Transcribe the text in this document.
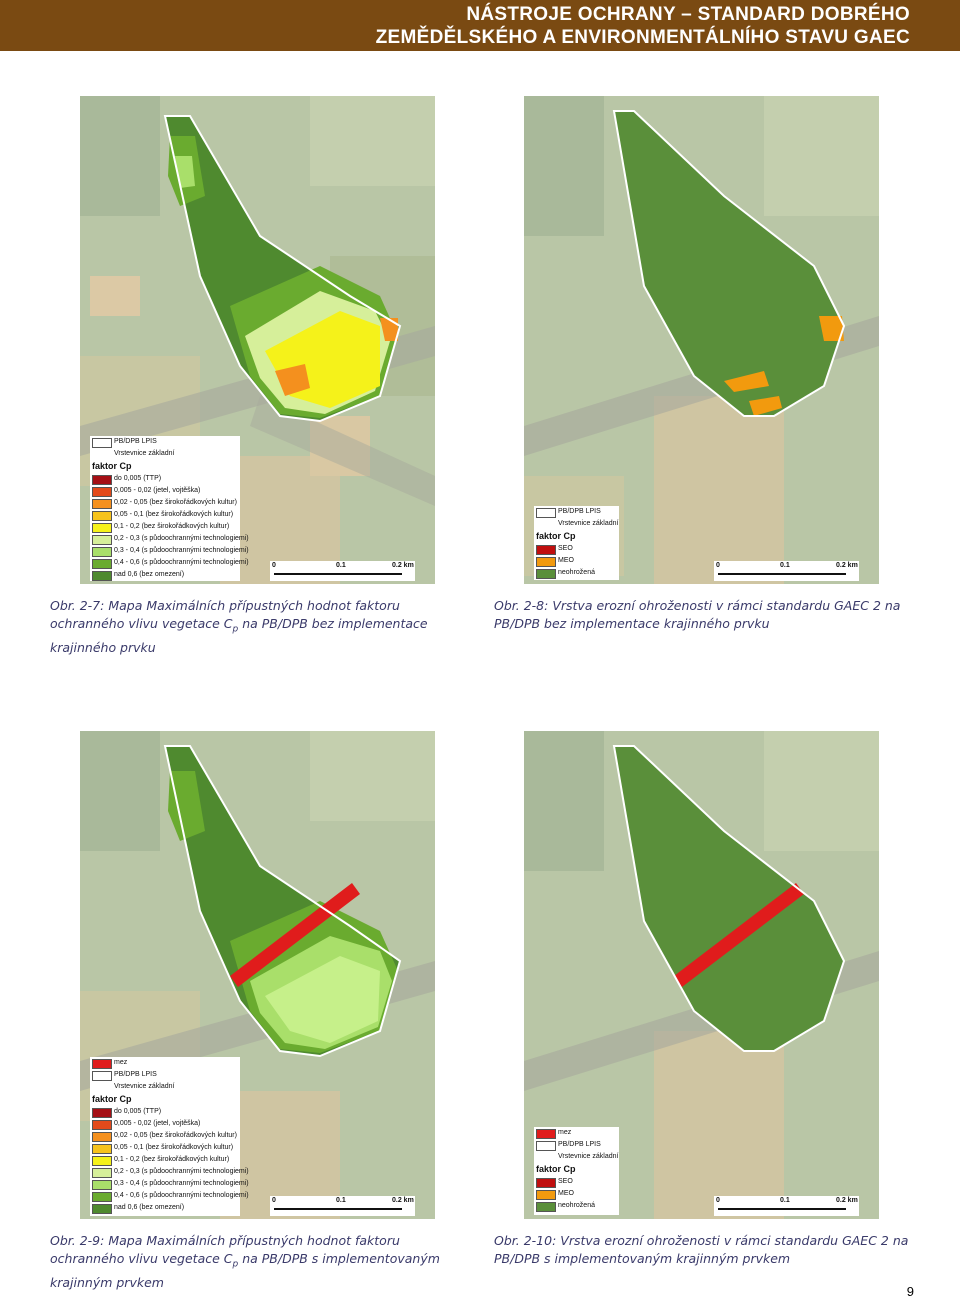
NÁSTROJE OCHRANY – STANDARD DOBRÉHO
ZEMĚDĚLSKÉHO A ENVIRONMENTÁLNÍHO STAVU GAEC
PB/DPB LPIS
Vrstevnice základní
faktor Cp
do 0,005 (TTP)
0,005 - 0,02 (jetel, vojtěška)
0,02 - 0,05 (bez širokořádkových kultur)
0,05 - 0,1 (bez širokořádkových kultur)
0,1 - 0,2 (bez širokořádkových kultur)
0,2 - 0,3 (s půdoochrannými technologiemi)
0,3 - 0,4 (s půdoochrannými technologiemi)
0,4 - 0,6 (s půdoochrannými technologiemi)
nad 0,6 (bez omezení)
0	0.1	0.2 km
PB/DPB LPIS
Vrstevnice základní
faktor Cp
SEO
MEO
neohrožená
0	0.1	0.2 km
Obr. 2-7: Mapa Maximálních přípustných hodnot faktoru ochranného vlivu vegetace $C_p$ na PB/DPB bez implementace krajinného prvku
Obr. 2-8: Vrstva erozní ohroženosti v rámci standardu GAEC 2 na PB/DPB bez implementace krajinného prvku
mez
PB/DPB LPIS
Vrstevnice základní
faktor Cp
do 0,005 (TTP)
0,005 - 0,02 (jetel, vojtěška)
0,02 - 0,05 (bez širokořádkových kultur)
0,05 - 0,1 (bez širokořádkových kultur)
0,1 - 0,2 (bez širokořádkových kultur)
0,2 - 0,3 (s půdoochrannými technologiemi)
0,3 - 0,4 (s půdoochrannými technologiemi)
0,4 - 0,6 (s půdoochrannými technologiemi)
nad 0,6 (bez omezení)
0	0.1	0.2 km
mez
PB/DPB LPIS
Vrstevnice základní
faktor Cp
SEO
MEO
neohrožená
0	0.1	0.2 km
Obr. 2-9: Mapa Maximálních přípustných hodnot faktoru ochranného vlivu vegetace $C_p$ na PB/DPB s implementovaným krajinným prvkem
Obr. 2-10: Vrstva erozní ohroženosti v rámci standardu GAEC 2 na PB/DPB s implementovaným krajinným prvkem
9
